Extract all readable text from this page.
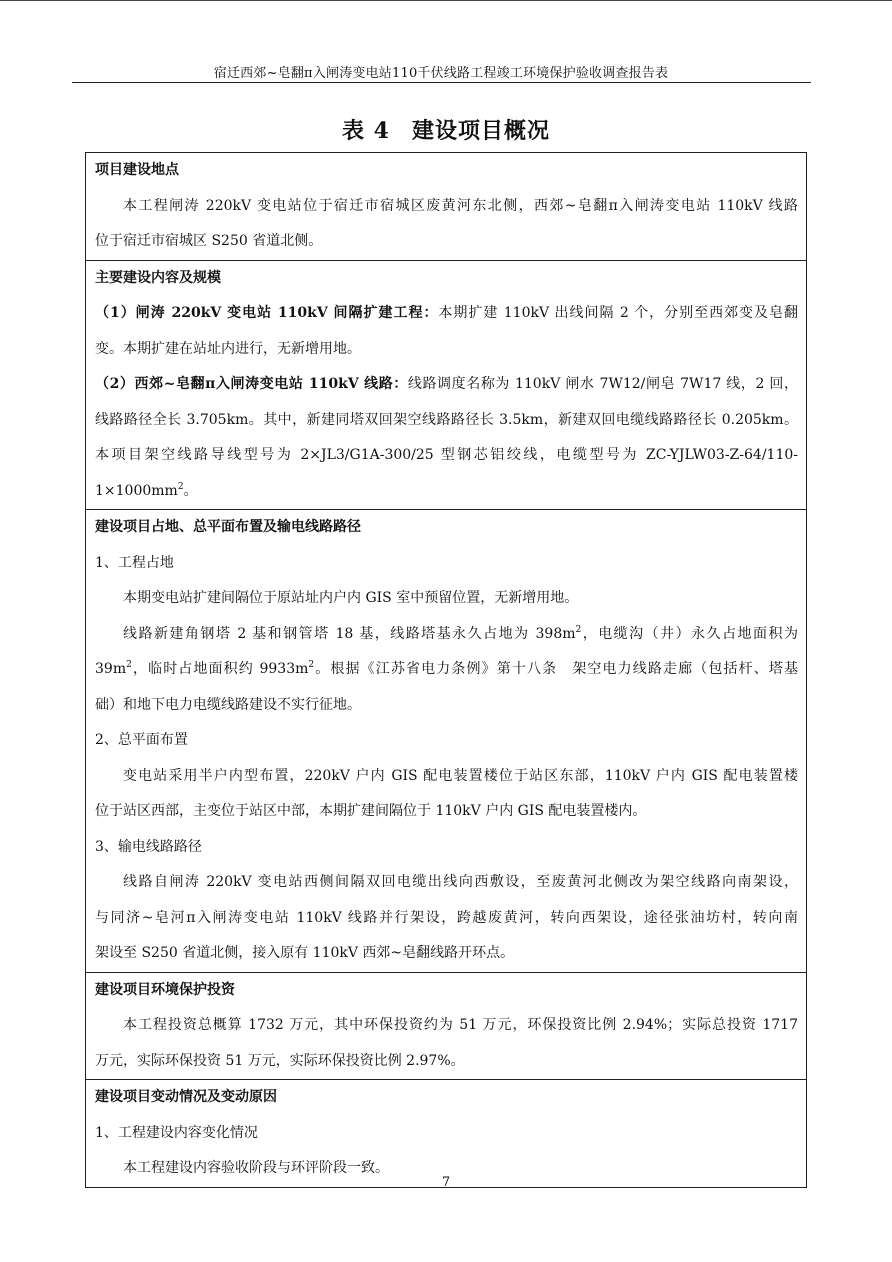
宿迁西郊~皂翻π入闸涛变电站110千伏线路工程竣工环境保护验收调查报告表
表 4 建设项目概况
项目建设地点
本工程闸涛 220kV 变电站位于宿迁市宿城区废黄河东北侧，西郊~皂翻π入闸涛变电站 110kV 线路
位于宿迁市宿城区 S250 省道北侧。
主要建设内容及规模
（1）闸涛 220kV 变电站 110kV 间隔扩建工程：本期扩建 110kV 出线间隔 2 个，分别至西郊变及皂翻
变。本期扩建在站址内进行，无新增用地。
（2）西郊~皂翻π入闸涛变电站 110kV 线路：线路调度名称为 110kV 闸水 7W12/闸皂 7W17 线，2 回，
线路路径全长 3.705km。其中，新建同塔双回架空线路路径长 3.5km，新建双回电缆线路路径长 0.205km。
本项目架空线路导线型号为 2×JL3/G1A-300/25 型钢芯铝绞线，电缆型号为 ZC-YJLW03-Z-64/110-
$1\times 1000mm^2$。
建设项目占地、总平面布置及输电线路路径
1、工程占地
本期变电站扩建间隔位于原站址内户内 GIS 室中预留位置，无新增用地。
线路新建角钢塔 2 基和钢管塔 18 基，线路塔基永久占地为 $398m^2$，电缆沟（井）永久占地面积为
$39m^2$，临时占地面积约 $9933m^2$。根据《江苏省电力条例》第十八条　架空电力线路走廊（包括杆、塔基
础）和地下电力电缆线路建设不实行征地。
2、总平面布置
变电站采用半户内型布置，220kV 户内 GIS 配电装置楼位于站区东部，110kV 户内 GIS 配电装置楼
位于站区西部，主变位于站区中部，本期扩建间隔位于 110kV 户内 GIS 配电装置楼内。
3、输电线路路径
线路自闸涛 220kV 变电站西侧间隔双回电缆出线向西敷设，至废黄河北侧改为架空线路向南架设，
与同济~皂河π入闸涛变电站 110kV 线路并行架设，跨越废黄河，转向西架设，途径张油坊村，转向南
架设至 S250 省道北侧，接入原有 110kV 西郊~皂翻线路开环点。
建设项目环境保护投资
本工程投资总概算 1732 万元，其中环保投资约为 51 万元，环保投资比例 2.94%；实际总投资 1717
万元，实际环保投资 51 万元，实际环保投资比例 2.97%。
建设项目变动情况及变动原因
1、工程建设内容变化情况
本工程建设内容验收阶段与环评阶段一致。
7
